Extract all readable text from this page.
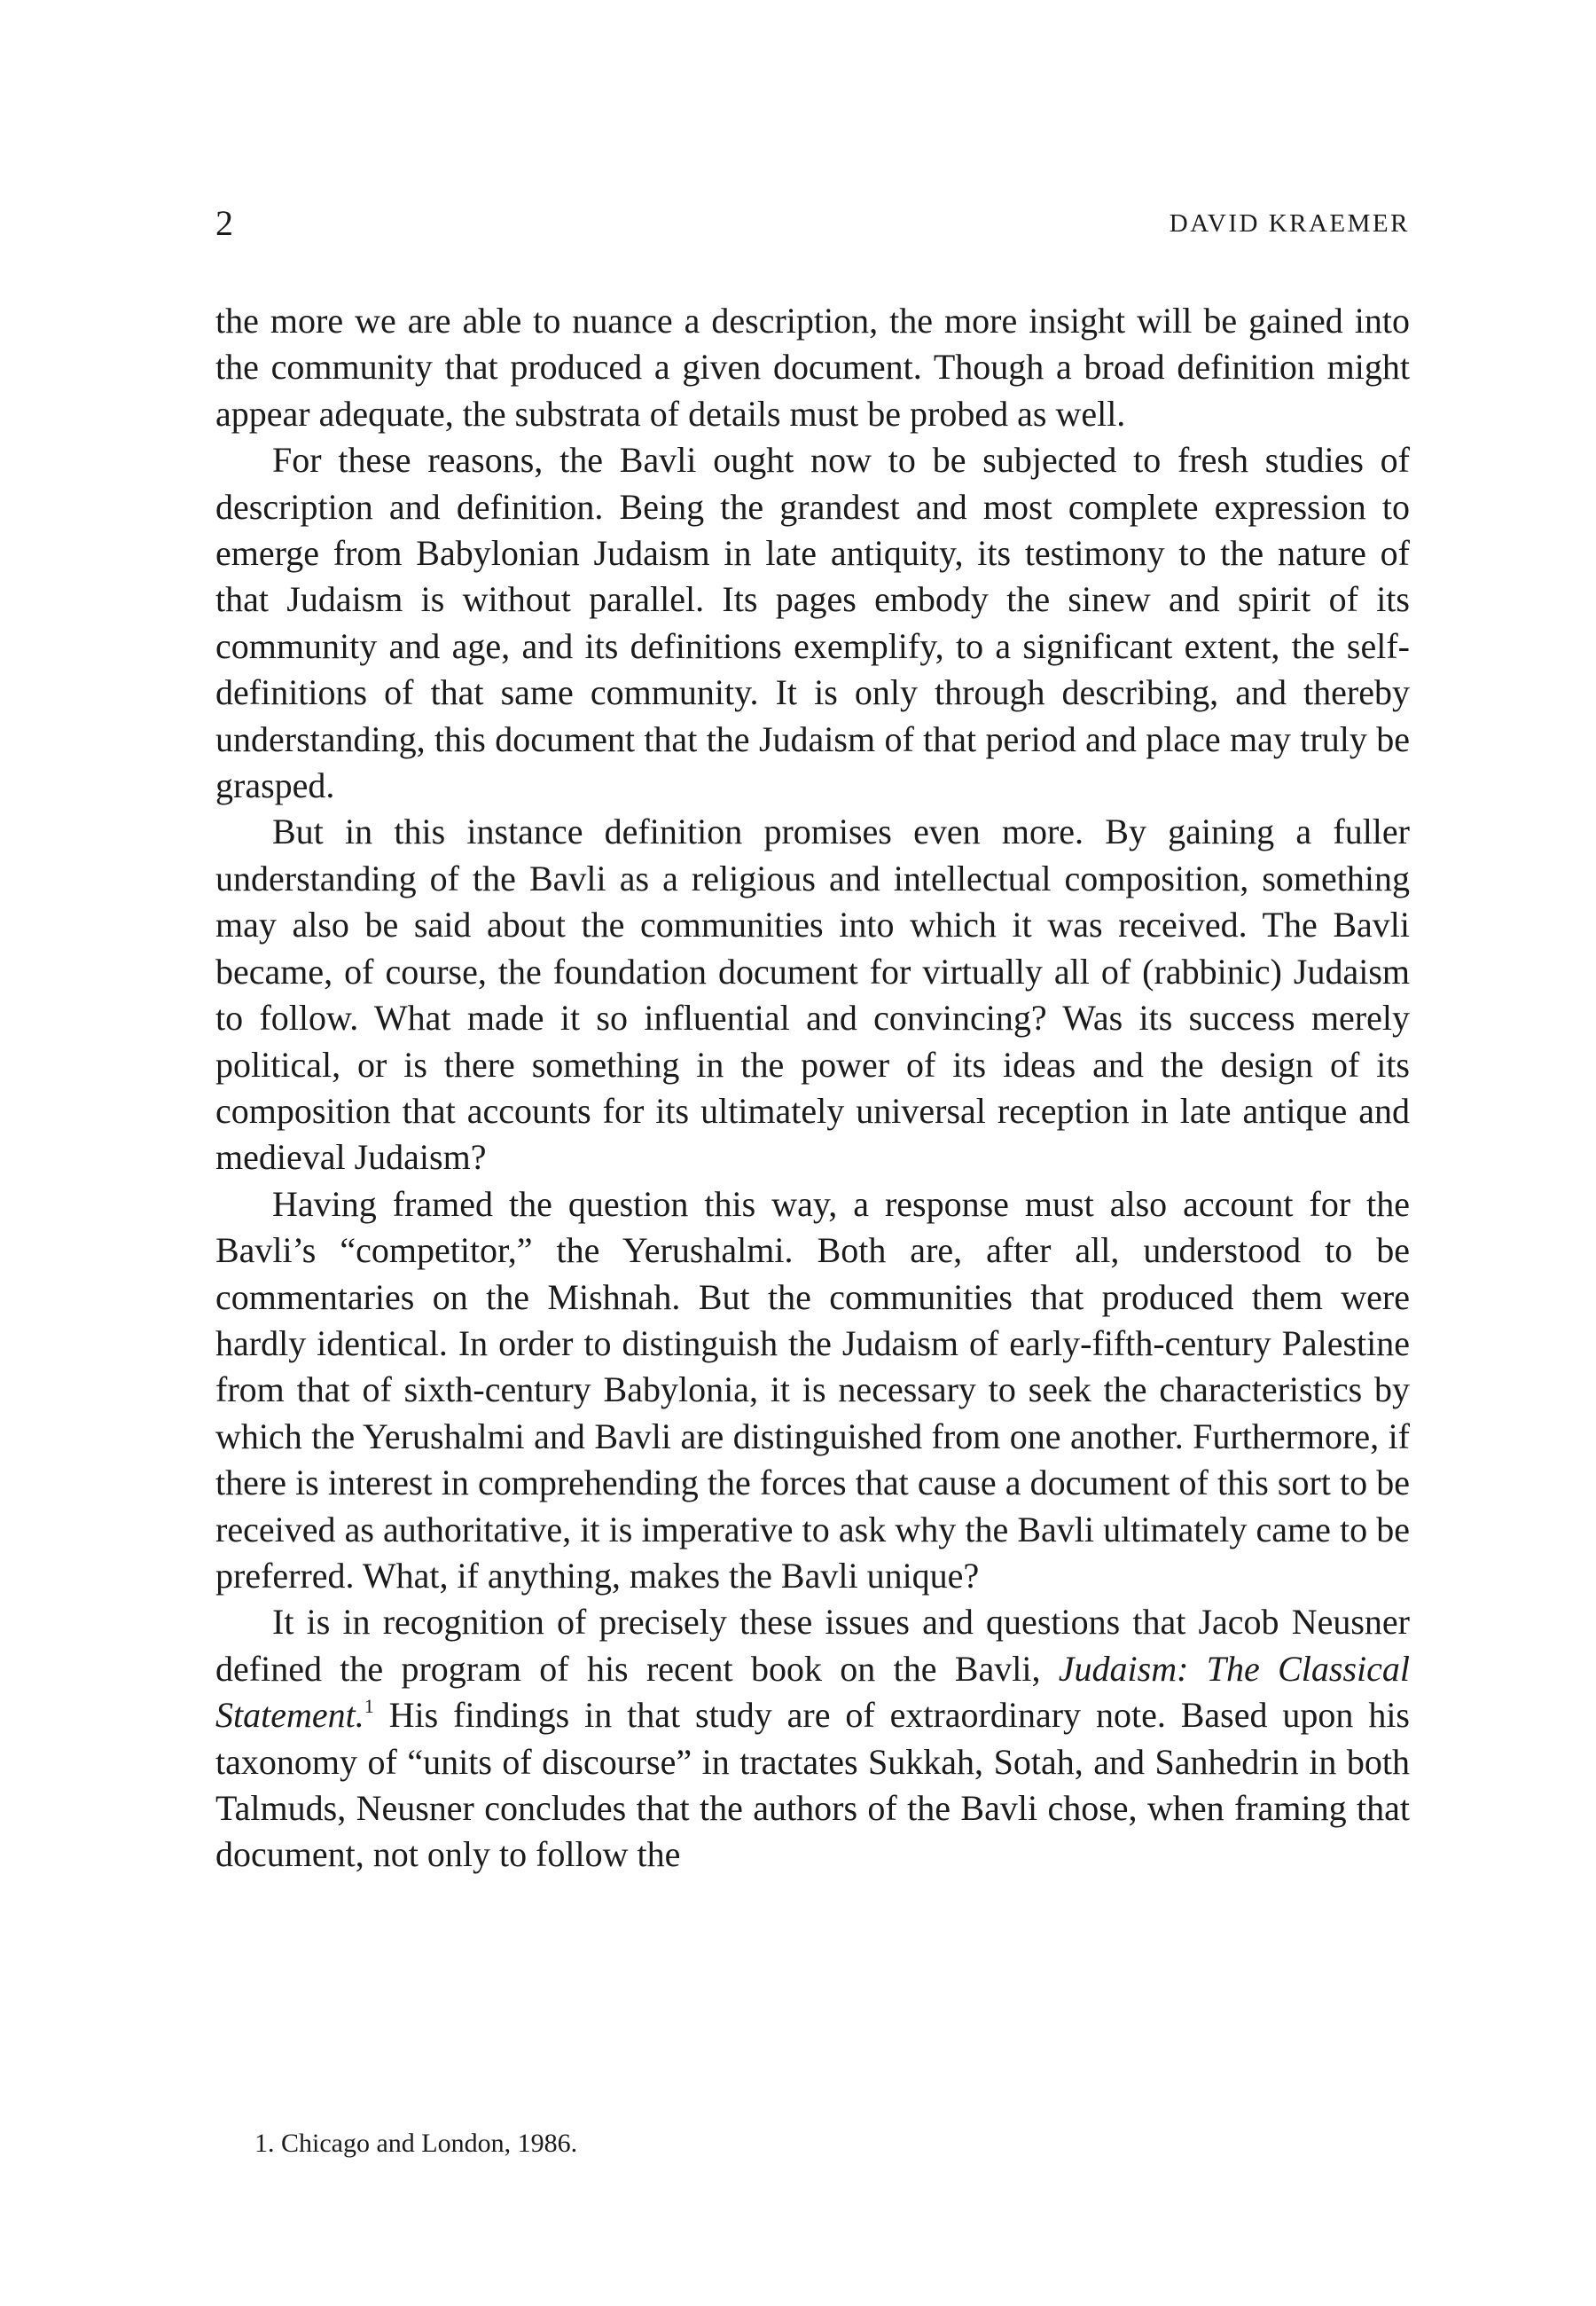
2	DAVID KRAEMER

the more we are able to nuance a description, the more insight will be gained into the community that produced a given document. Though a broad definition might appear adequate, the substrata of details must be probed as well.

For these reasons, the Bavli ought now to be subjected to fresh studies of description and definition. Being the grandest and most complete expression to emerge from Babylonian Judaism in late antiquity, its testimony to the nature of that Judaism is without parallel. Its pages embody the sinew and spirit of its community and age, and its definitions exemplify, to a significant extent, the self-definitions of that same community. It is only through describing, and thereby understanding, this document that the Judaism of that period and place may truly be grasped.

But in this instance definition promises even more. By gaining a fuller understanding of the Bavli as a religious and intellectual composition, something may also be said about the communities into which it was received. The Bavli became, of course, the foundation document for virtually all of (rabbinic) Judaism to follow. What made it so influential and convincing? Was its success merely political, or is there something in the power of its ideas and the design of its composition that accounts for its ultimately universal reception in late antique and medieval Judaism?

Having framed the question this way, a response must also account for the Bavli’s “competitor,” the Yerushalmi. Both are, after all, understood to be commentaries on the Mishnah. But the communities that produced them were hardly identical. In order to distinguish the Judaism of early-fifth-century Palestine from that of sixth-century Babylonia, it is necessary to seek the characteristics by which the Yerushalmi and Bavli are distinguished from one another. Furthermore, if there is interest in comprehending the forces that cause a document of this sort to be received as authoritative, it is imperative to ask why the Bavli ultimately came to be preferred. What, if anything, makes the Bavli unique?

It is in recognition of precisely these issues and questions that Jacob Neusner defined the program of his recent book on the Bavli, Judaism: The Classical Statement.$^1$ His findings in that study are of extraordinary note. Based upon his taxonomy of “units of discourse” in tractates Sukkah, Sotah, and Sanhedrin in both Talmuds, Neusner concludes that the authors of the Bavli chose, when framing that document, not only to follow the

1. Chicago and London, 1986.
